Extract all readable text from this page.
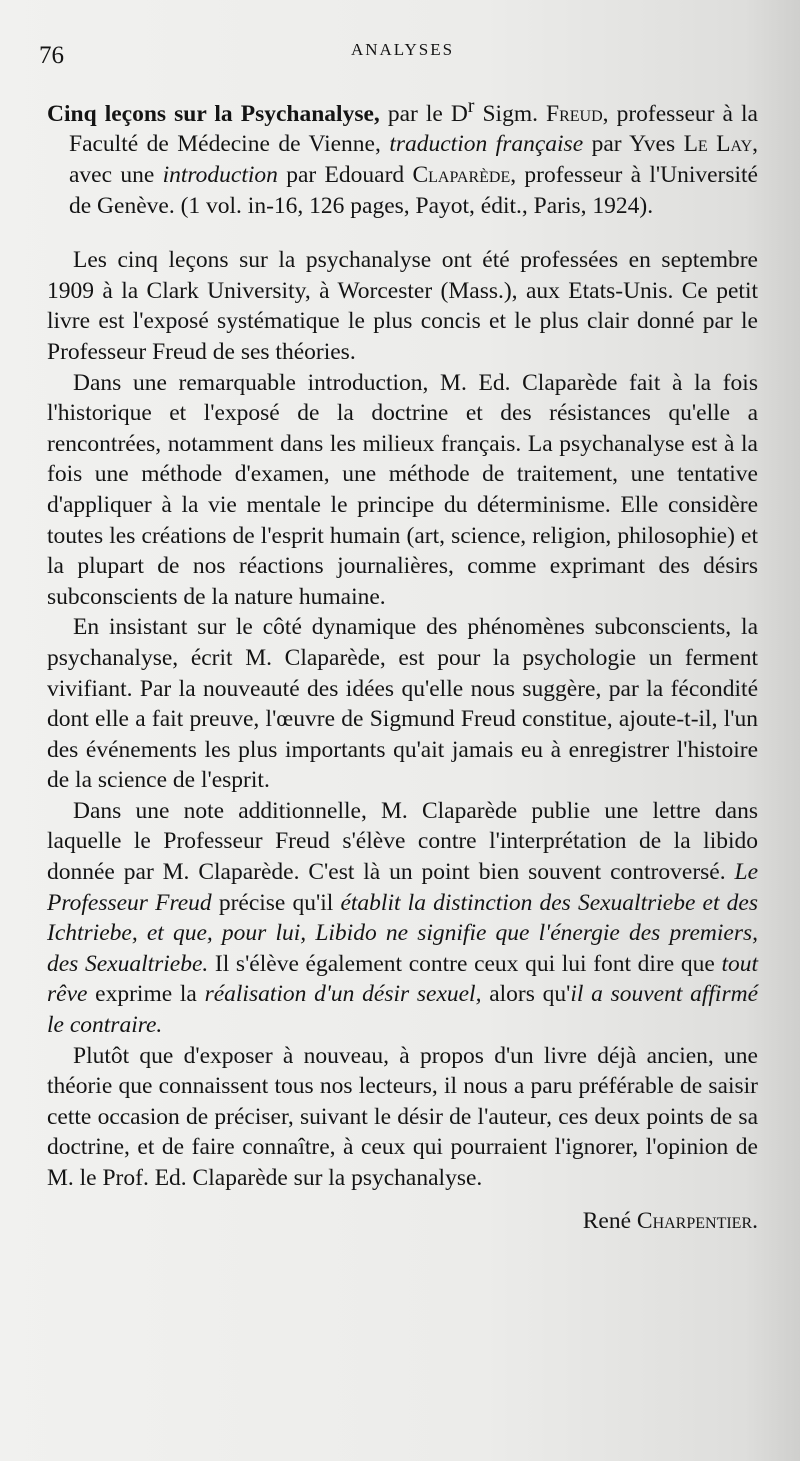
76	ANALYSES
Cinq leçons sur la Psychanalyse, par le $D^r$ Sigm. Freud, professeur à la Faculté de Médecine de Vienne, traduction française par Yves Le Lay, avec une introduction par Edouard Claparède, professeur à l'Université de Genève. (1 vol. in-16, 126 pages, Payot, édit., Paris, 1924).

Les cinq leçons sur la psychanalyse ont été professées en septembre 1909 à la Clark University, à Worcester (Mass.), aux Etats-Unis. Ce petit livre est l'exposé systématique le plus concis et le plus clair donné par le Professeur Freud de ses théories.

Dans une remarquable introduction, M. Ed. Claparède fait à la fois l'historique et l'exposé de la doctrine et des résistances qu'elle a rencontrées, notamment dans les milieux français. La psychanalyse est à la fois une méthode d'examen, une méthode de traitement, une tentative d'appliquer à la vie mentale le principe du déterminisme. Elle considère toutes les créations de l'esprit humain (art, science, religion, philosophie) et la plupart de nos réactions journalières, comme exprimant des désirs subconscients de la nature humaine.

En insistant sur le côté dynamique des phénomènes subconscients, la psychanalyse, écrit M. Claparède, est pour la psychologie un ferment vivifiant. Par la nouveauté des idées qu'elle nous suggère, par la fécondité dont elle a fait preuve, l'œuvre de Sigmund Freud constitue, ajoute-t-il, l'un des événements les plus importants qu'ait jamais eu à enregistrer l'histoire de la science de l'esprit.

Dans une note additionnelle, M. Claparède publie une lettre dans laquelle le Professeur Freud s'élève contre l'interprétation de la libido donnée par M. Claparède. C'est là un point bien souvent controversé. Le Professeur Freud précise qu'il établit la distinction des Sexualtriebe et des Ichtriebe, et que, pour lui, Libido ne signifie que l'énergie des premiers, des Sexualtriebe. Il s'élève également contre ceux qui lui font dire que tout rêve exprime la réalisation d'un désir sexuel, alors qu'il a souvent affirmé le contraire.

Plutôt que d'exposer à nouveau, à propos d'un livre déjà ancien, une théorie que connaissent tous nos lecteurs, il nous a paru préférable de saisir cette occasion de préciser, suivant le désir de l'auteur, ces deux points de sa doctrine, et de faire connaître, à ceux qui pourraient l'ignorer, l'opinion de M. le Prof. Ed. Claparède sur la psychanalyse.

René Charpentier.
